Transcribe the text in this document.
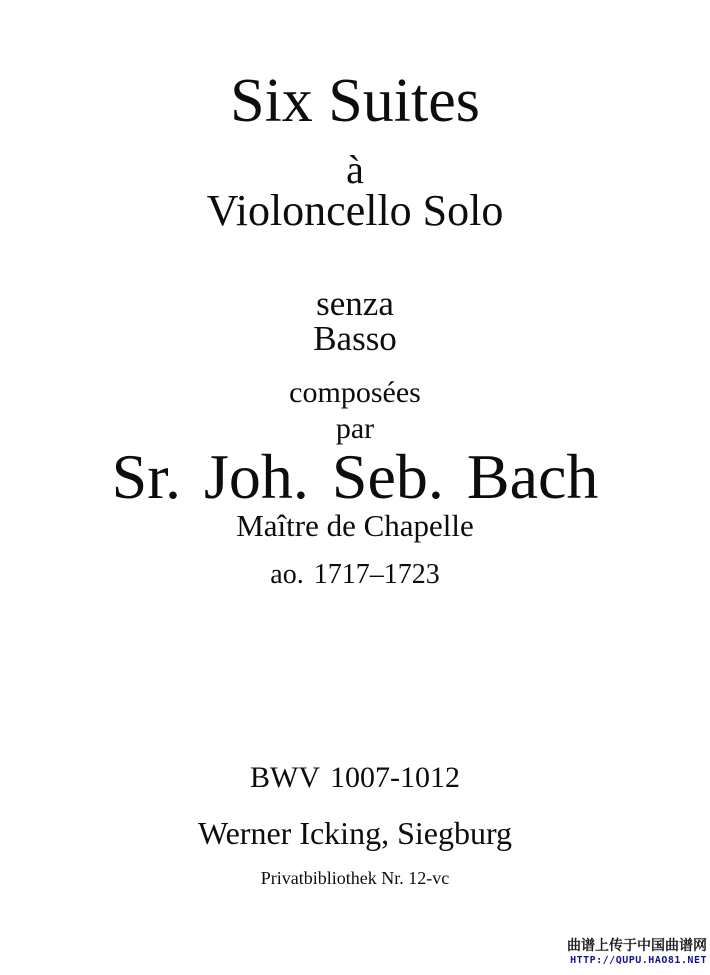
Six Suites
à
Violoncello Solo
senza
Basso
composées
par
Sr. Joh. Seb. Bach
Maître de Chapelle
ao. 1717–1723
BWV 1007-1012
Werner Icking, Siegburg
Privatbibliothek Nr. 12-vc
曲谱上传于中国曲谱网
HTTP://QUPU.HAO81.NET
